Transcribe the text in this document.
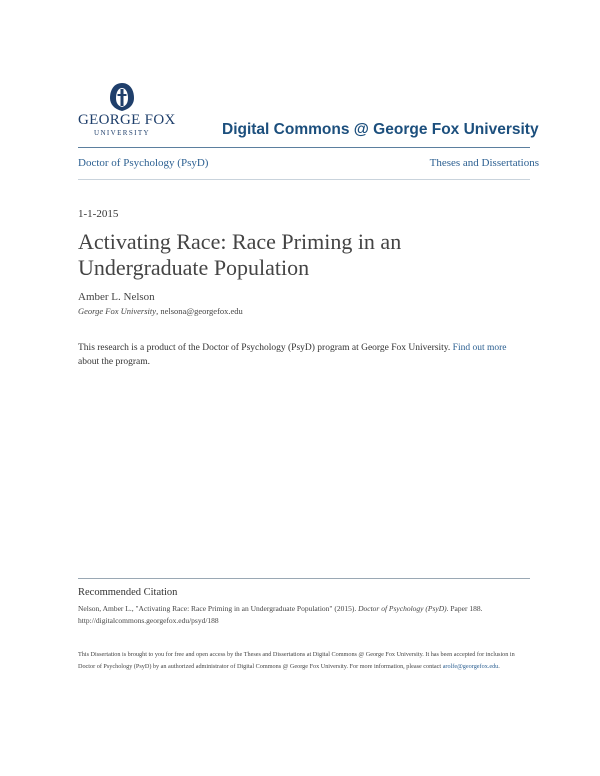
GEORGE FOX
UNIVERSITY	Digital Commons @ George Fox University
Doctor of Psychology (PsyD)	Theses and Dissertations
1-1-2015
Activating Race: Race Priming in an Undergraduate Population
Amber L. Nelson
George Fox University, nelsona@georgefox.edu
This research is a product of the Doctor of Psychology (PsyD) program at George Fox University. Find out more about the program.
Recommended Citation
Nelson, Amber L., "Activating Race: Race Priming in an Undergraduate Population" (2015). Doctor of Psychology (PsyD). Paper 188.
http://digitalcommons.georgefox.edu/psyd/188
This Dissertation is brought to you for free and open access by the Theses and Dissertations at Digital Commons @ George Fox University. It has been accepted for inclusion in Doctor of Psychology (PsyD) by an authorized administrator of Digital Commons @ George Fox University. For more information, please contact arolfe@georgefox.edu.
